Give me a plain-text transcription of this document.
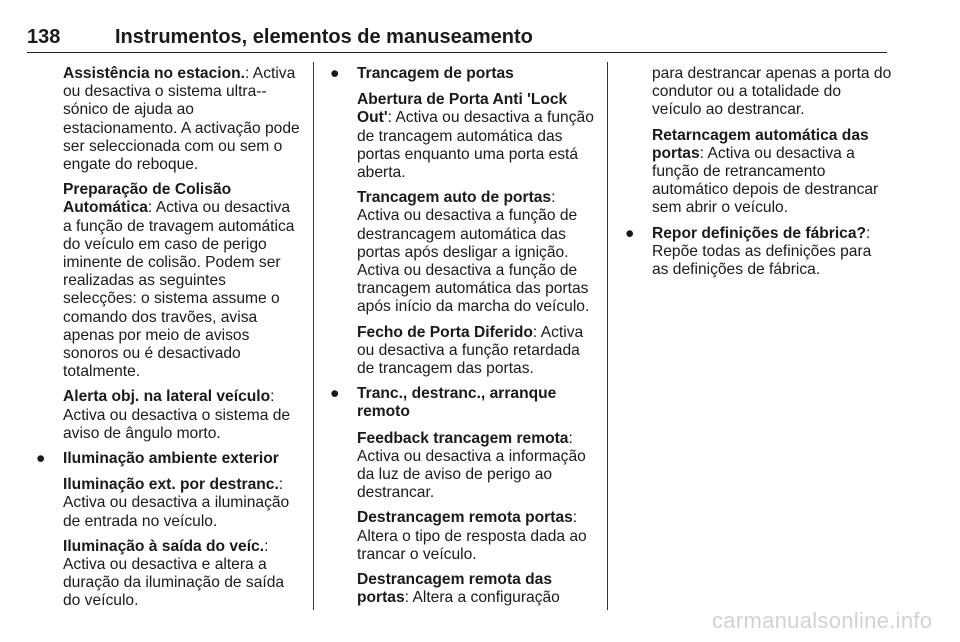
138	Instrumentos, elementos de manuseamento
Assistência no estacion.: Activa ou desactiva o sistema ultra--sónico de ajuda ao estacionamento. A activação pode ser seleccionada com ou sem o engate do reboque.
Preparação de Colisão Automática: Activa ou desactiva a função de travagem automática do veículo em caso de perigo iminente de colisão. Podem ser realizadas as seguintes selecções: o sistema assume o comando dos travões, avisa apenas por meio de avisos sonoros ou é desactivado totalmente.
Alerta obj. na lateral veículo: Activa ou desactiva o sistema de aviso de ângulo morto.
● Iluminação ambiente exterior
Iluminação ext. por destranc.: Activa ou desactiva a iluminação de entrada no veículo.
Iluminação à saída do veíc.: Activa ou desactiva e altera a duração da iluminação de saída do veículo.
● Trancagem de portas
Abertura de Porta Anti 'Lock Out': Activa ou desactiva a função de trancagem automática das portas enquanto uma porta está aberta.
Trancagem auto de portas: Activa ou desactiva a função de destrancagem automática das portas após desligar a ignição. Activa ou desactiva a função de trancagem automática das portas após início da marcha do veículo.
Fecho de Porta Diferido: Activa ou desactiva a função retardada de trancagem das portas.
● Tranc., destranc., arranque remoto
Feedback trancagem remota: Activa ou desactiva a informação da luz de aviso de perigo ao destrancar.
Destrancagem remota portas: Altera o tipo de resposta dada ao trancar o veículo.
Destrancagem remota das portas: Altera a configuração
para destrancar apenas a porta do condutor ou a totalidade do veículo ao destrancar.
Retarncagem automática das portas: Activa ou desactiva a função de retrancamento automático depois de destrancar sem abrir o veículo.
● Repor definições de fábrica?: Repõe todas as definições para as definições de fábrica.
carmanualsonline.info
